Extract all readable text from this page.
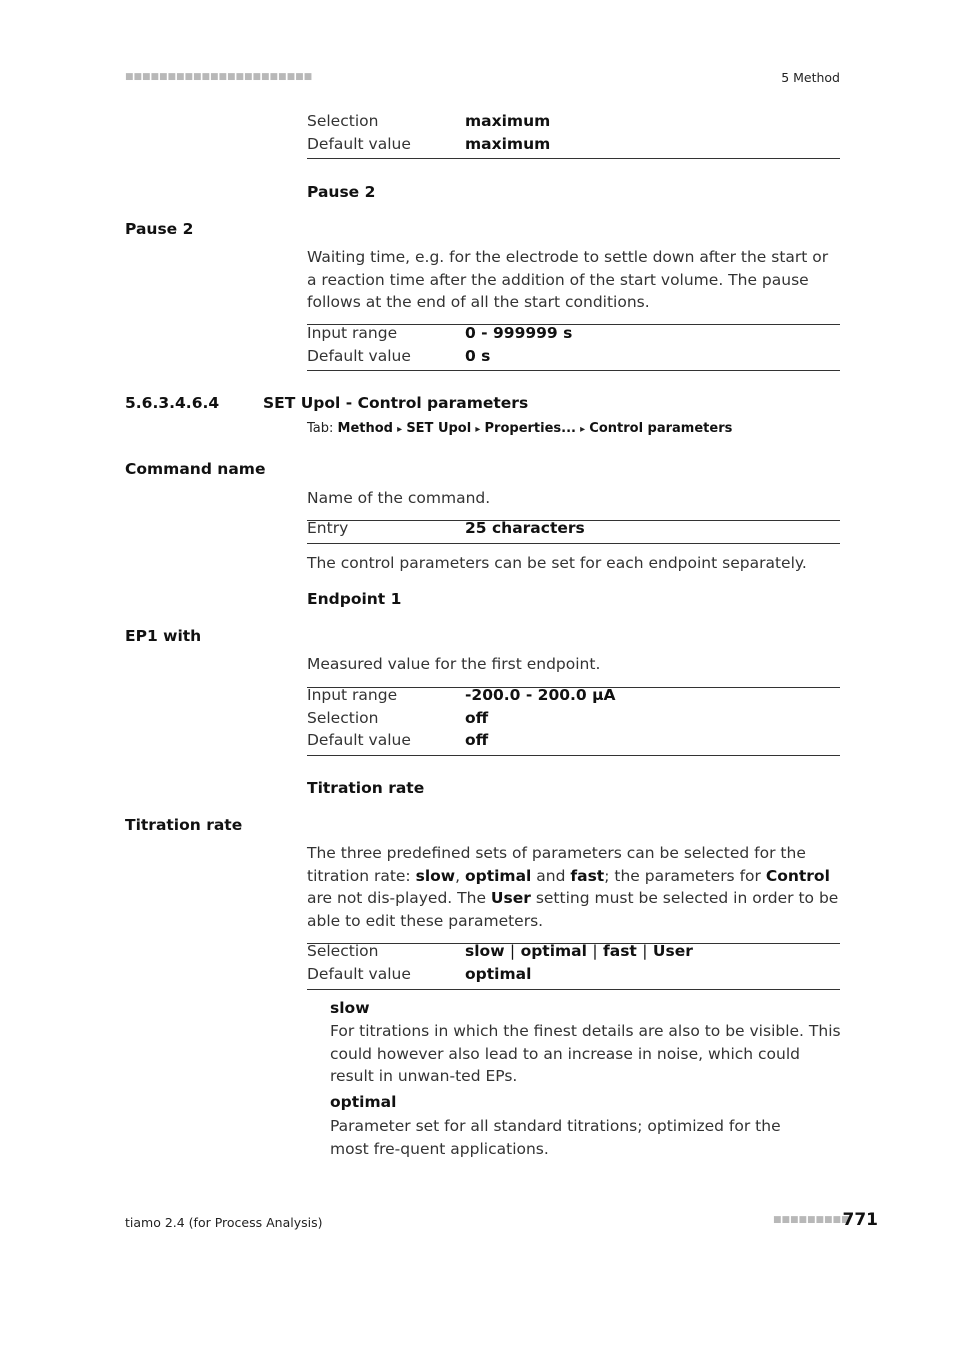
■■■■■■■■■■■■■■■■■■■■■■	5 Method
Selection	maximum
Default value	maximum
Pause 2
Pause 2
Waiting time, e.g. for the electrode to settle down after the start or a reaction time after the addition of the start volume. The pause follows at the end of all the start conditions.
Input range	0 - 999999 s
Default value	0 s
5.6.3.4.6.4	SET Upol - Control parameters
Tab: Method ▸ SET Upol ▸ Properties... ▸ Control parameters
Command name
Name of the command.
Entry	25 characters
The control parameters can be set for each endpoint separately.
Endpoint 1
EP1 with
Measured value for the first endpoint.
Input range	-200.0 - 200.0 µA
Selection	off
Default value	off
Titration rate
Titration rate
The three predefined sets of parameters can be selected for the titration rate: slow, optimal and fast; the parameters for Control are not dis-played. The User setting must be selected in order to be able to edit these parameters.
Selection	slow | optimal | fast | User
Default value	optimal
slow
For titrations in which the finest details are also to be visible. This could however also lead to an increase in noise, which could result in unwan-ted EPs.
optimal
Parameter set for all standard titrations; optimized for the most fre-quent applications.
tiamo 2.4 (for Process Analysis)	■■■■■■■■■
771
